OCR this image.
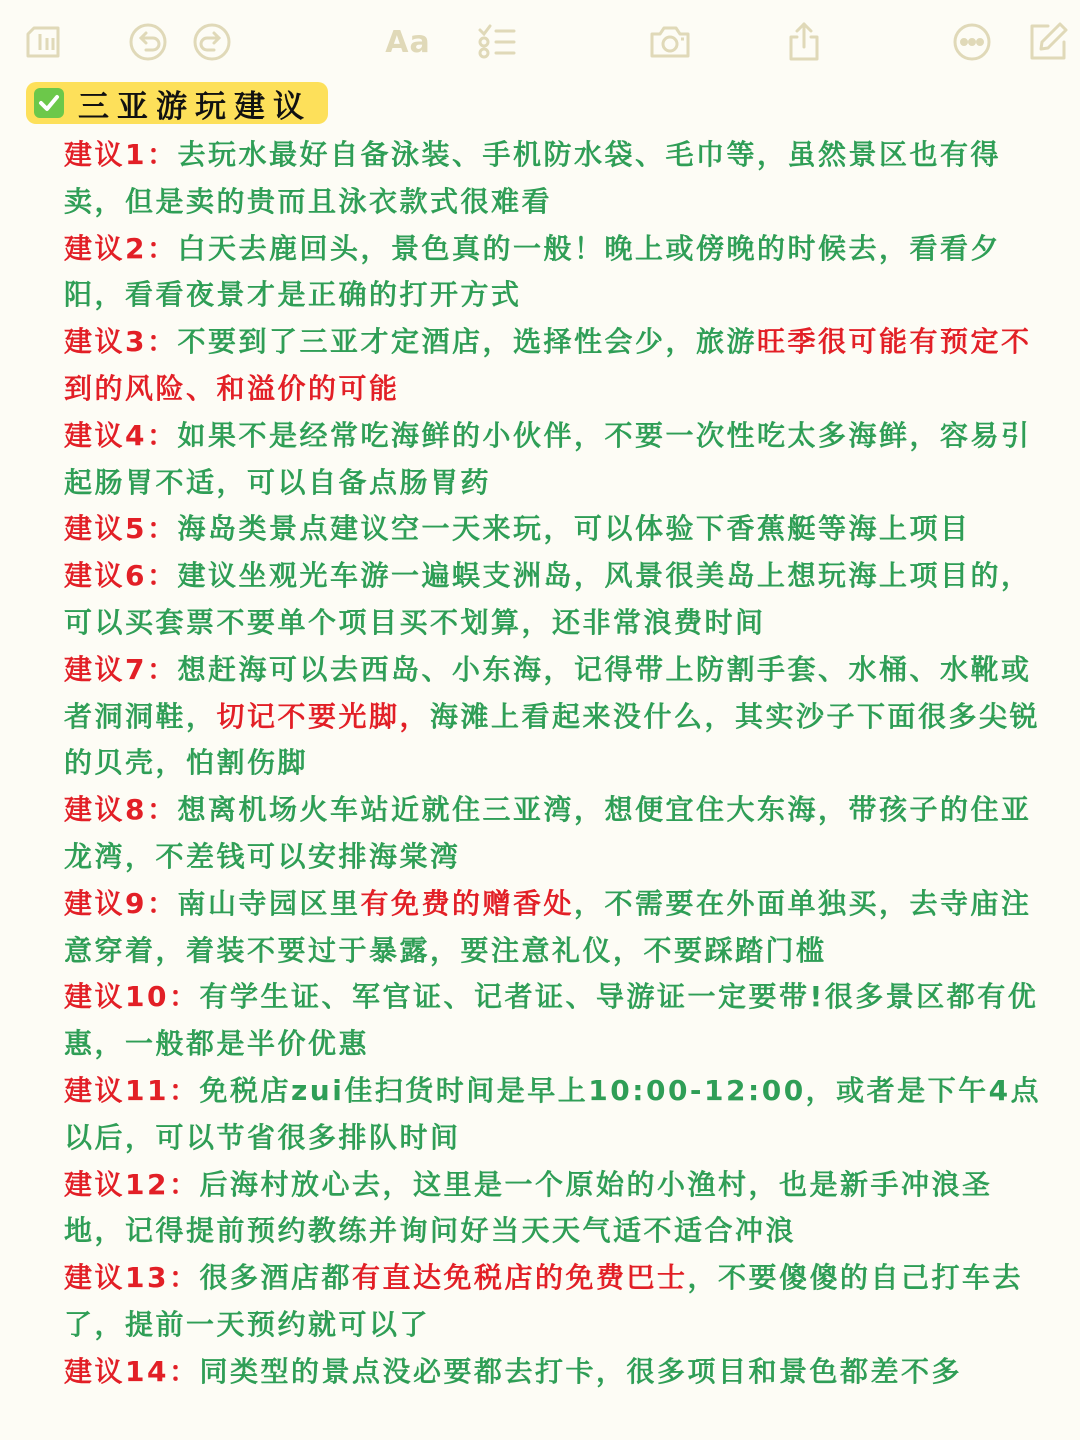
Aa
三亚游玩建议

建议1：去玩水最好自备泳装、手机防水袋、毛巾等，虽然景区也有得卖，但是卖的贵而且泳衣款式很难看

建议2：白天去鹿回头，景色真的一般！晚上或傍晚的时候去，看看夕阳，看看夜景才是正确的打开方式

建议3：不要到了三亚才定酒店，选择性会少，旅游旺季很可能有预定不到的风险、和溢价的可能

建议4：如果不是经常吃海鲜的小伙伴，不要一次性吃太多海鲜，容易引起肠胃不适，可以自备点肠胃药

建议5：海岛类景点建议空一天来玩，可以体验下香蕉艇等海上项目

建议6：建议坐观光车游一遍蜈支洲岛，风景很美岛上想玩海上项目的，可以买套票不要单个项目买不划算，还非常浪费时间

建议7：想赶海可以去西岛、小东海，记得带上防割手套、水桶、水靴或者洞洞鞋，切记不要光脚，海滩上看起来没什么，其实沙子下面很多尖锐的贝壳，怕割伤脚

建议8：想离机场火车站近就住三亚湾，想便宜住大东海，带孩子的住亚龙湾，不差钱可以安排海棠湾

建议9：南山寺园区里有免费的赠香处，不需要在外面单独买，去寺庙注意穿着，着装不要过于暴露，要注意礼仪，不要踩踏门槛

建议10：有学生证、军官证、记者证、导游证一定要带!很多景区都有优惠，一般都是半价优惠

建议11：免税店zui佳扫货时间是早上10:00-12:00，或者是下午4点以后，可以节省很多排队时间

建议12：后海村放心去，这里是一个原始的小渔村，也是新手冲浪圣地，记得提前预约教练并询问好当天天气适不适合冲浪

建议13：很多酒店都有直达免税店的免费巴士，不要傻傻的自己打车去了，提前一天预约就可以了

建议14：同类型的景点没必要都去打卡，很多项目和景色都差不多
